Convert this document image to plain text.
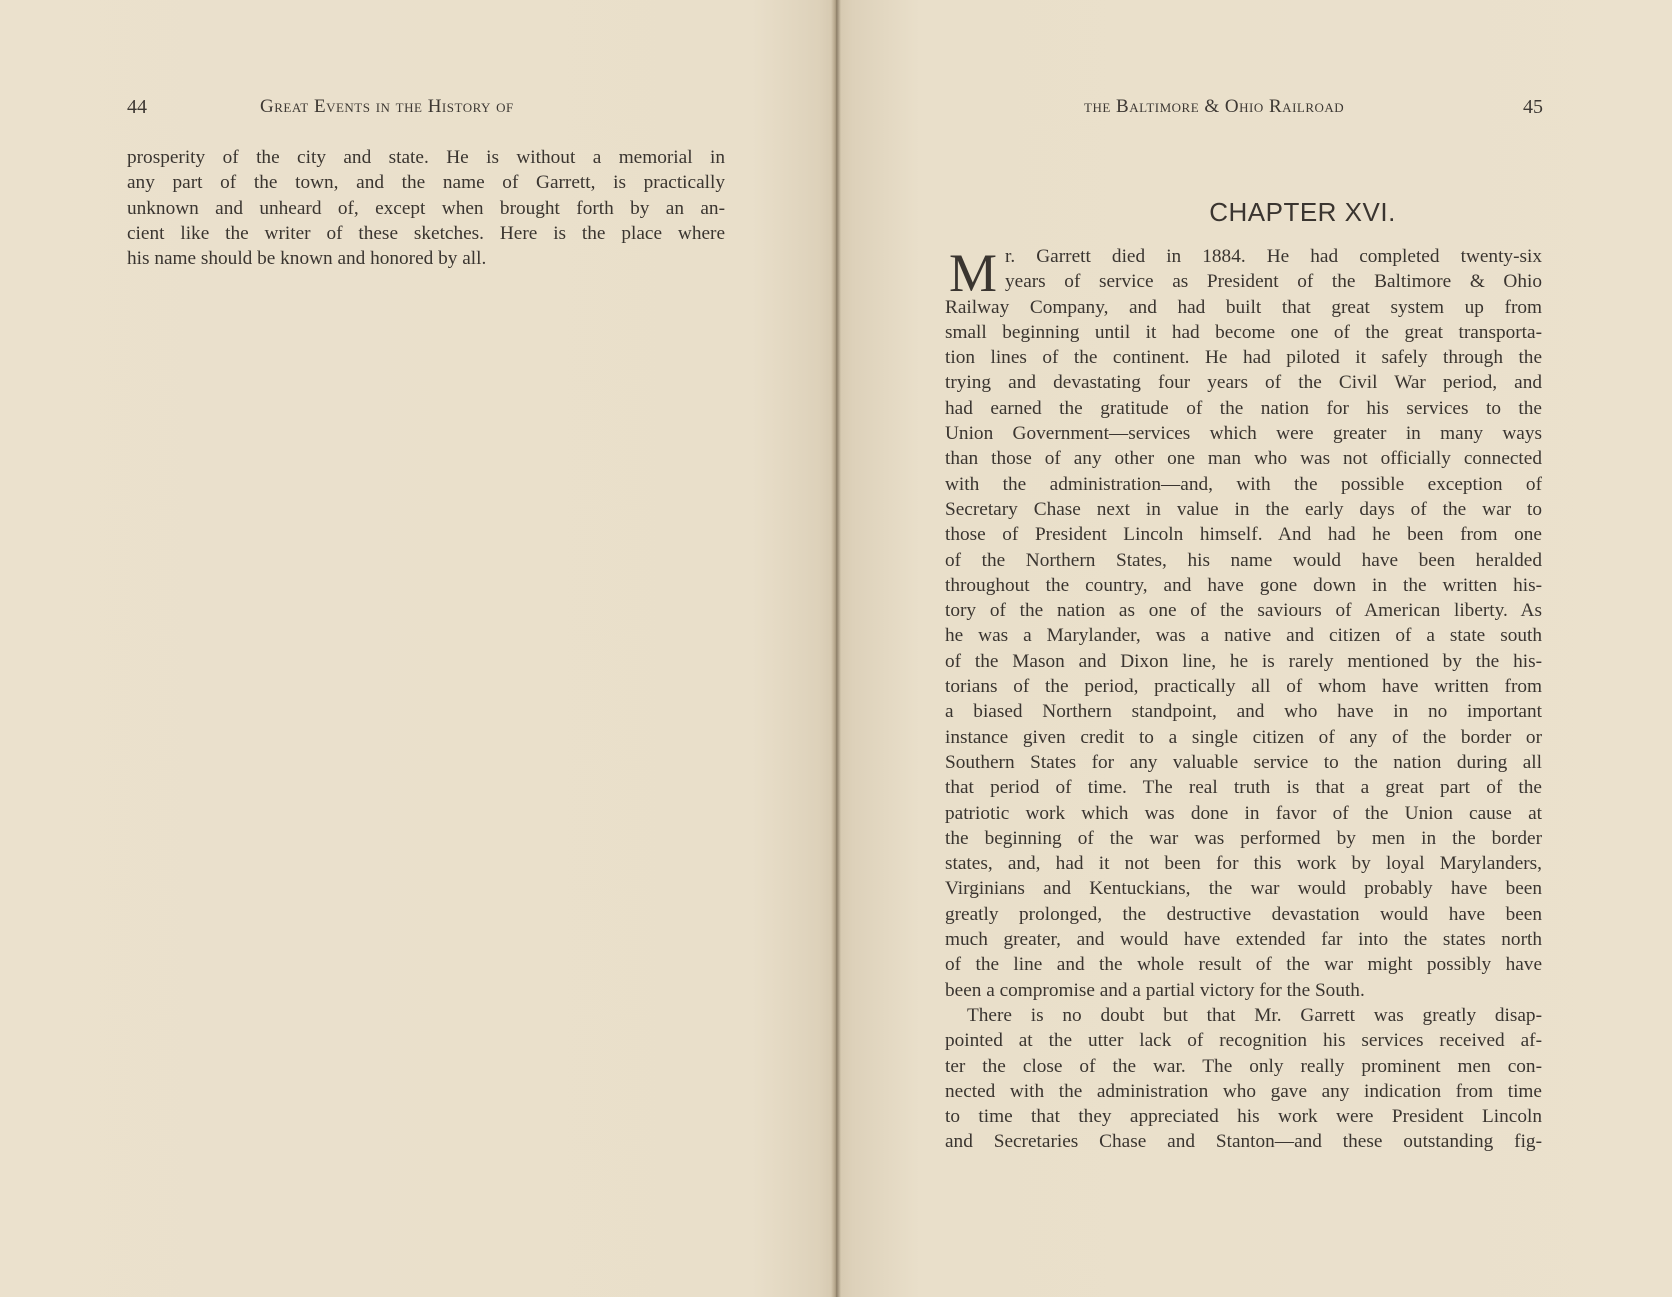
44	Great Events in the History of
prosperity of the city and state. He is without a memorial in
any part of the town, and the name of Garrett, is practically
unknown and unheard of, except when brought forth by an an-
cient like the writer of these sketches. Here is the place where
his name should be known and honored by all.
the Baltimore & Ohio Railroad	45
CHAPTER XVI.
M r. Garrett died in 1884. He had completed twenty-six
years of service as President of the Baltimore & Ohio
Railway Company, and had built that great system up from
small beginning until it had become one of the great transporta-
tion lines of the continent. He had piloted it safely through the
trying and devastating four years of the Civil War period, and
had earned the gratitude of the nation for his services to the
Union Government—services which were greater in many ways
than those of any other one man who was not officially connected
with the administration—and, with the possible exception of
Secretary Chase next in value in the early days of the war to
those of President Lincoln himself. And had he been from one
of the Northern States, his name would have been heralded
throughout the country, and have gone down in the written his-
tory of the nation as one of the saviours of American liberty. As
he was a Marylander, was a native and citizen of a state south
of the Mason and Dixon line, he is rarely mentioned by the his-
torians of the period, practically all of whom have written from
a biased Northern standpoint, and who have in no important
instance given credit to a single citizen of any of the border or
Southern States for any valuable service to the nation during all
that period of time. The real truth is that a great part of the
patriotic work which was done in favor of the Union cause at
the beginning of the war was performed by men in the border
states, and, had it not been for this work by loyal Marylanders,
Virginians and Kentuckians, the war would probably have been
greatly prolonged, the destructive devastation would have been
much greater, and would have extended far into the states north
of the line and the whole result of the war might possibly have
been a compromise and a partial victory for the South.
There is no doubt but that Mr. Garrett was greatly disap-
pointed at the utter lack of recognition his services received af-
ter the close of the war. The only really prominent men con-
nected with the administration who gave any indication from time
to time that they appreciated his work were President Lincoln
and Secretaries Chase and Stanton—and these outstanding fig-
